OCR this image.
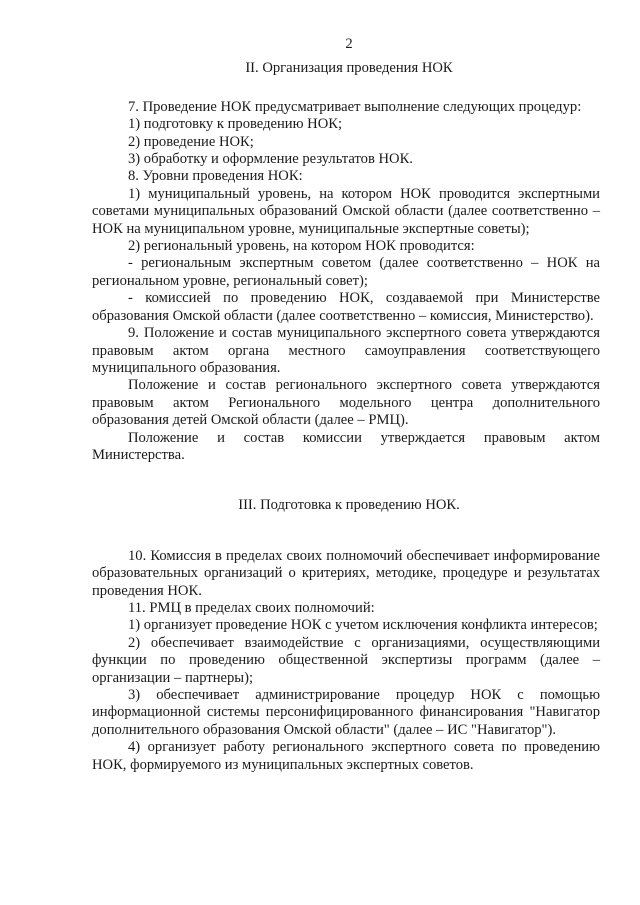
2
II. Организация проведения НОК

7. Проведение НОК предусматривает выполнение следующих процедур:

1) подготовку к проведению НОК;

2) проведение НОК;

3) обработку и оформление результатов НОК.

8. Уровни проведения НОК:

1) муниципальный уровень, на котором НОК проводится экспертными советами муниципальных образований Омской области (далее соответственно – НОК на муниципальном уровне, муниципальные экспертные советы);

2) региональный уровень, на котором НОК проводится:

- региональным экспертным советом (далее соответственно – НОК на региональном уровне, региональный совет);

- комиссией по проведению НОК, создаваемой при Министерстве образования Омской области (далее соответственно – комиссия, Министерство).

9. Положение и состав муниципального экспертного совета утверждаются правовым актом органа местного самоуправления соответствующего муниципального образования.

Положение и состав регионального экспертного совета утверждаются правовым актом Регионального модельного центра дополнительного образования детей Омской области (далее – РМЦ).

Положение и состав комиссии утверждается правовым актом Министерства.

III. Подготовка к проведению НОК.

10. Комиссия в пределах своих полномочий обеспечивает информирование образовательных организаций о критериях, методике, процедуре и результатах проведения НОК.

11. РМЦ в пределах своих полномочий:

1) организует проведение НОК с учетом исключения конфликта интересов;

2) обеспечивает взаимодействие с организациями, осуществляющими функции по проведению общественной экспертизы программ (далее – организации – партнеры);

3) обеспечивает администрирование процедур НОК с помощью информационной системы персонифицированного финансирования "Навигатор дополнительного образования Омской области" (далее – ИС "Навигатор").

4) организует работу регионального экспертного совета по проведению НОК, формируемого из муниципальных экспертных советов.
